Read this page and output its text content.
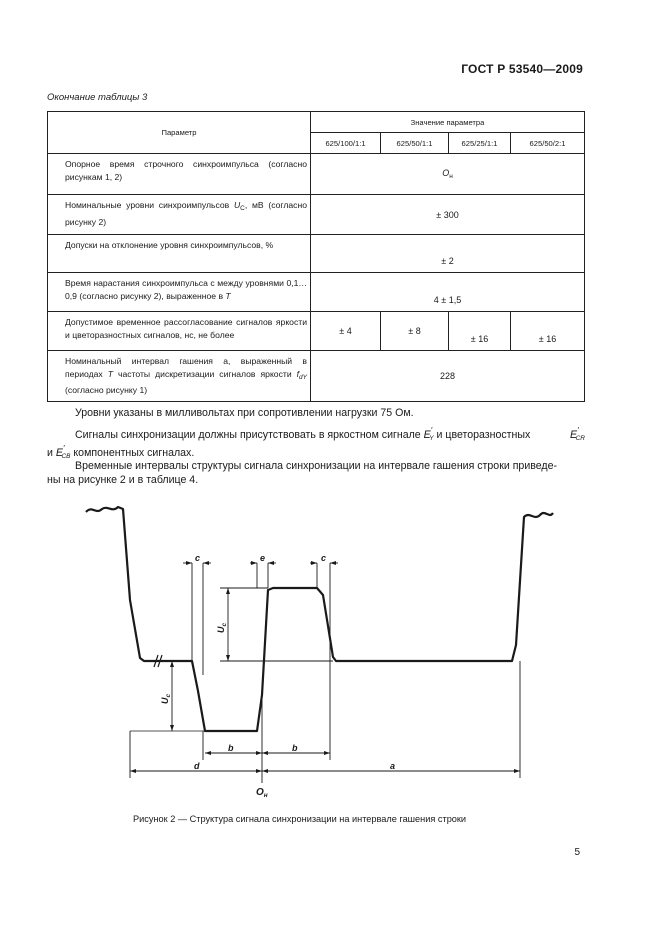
ГОСТ Р 53540—2009
Окончание таблицы 3
Параметр	Значение параметра			
	625/100/1:1	625/50/1:1	625/25/1:1	625/50/2:1
Опорное время строчного синхроимпульса (согласно рисункам 1, 2)	$О_н$
Номинальные уровни синхроимпульсов $U_C$, мВ (согласно рисунку 2)	± 300			
Допуски на отклонение уровня синхроимпульсов, %	± 2			
Время нарастания синхроимпульса с между уровнями 0,1…0,9 (согласно рисунку 2), выраженное в T	4 ± 1,5			
Допустимое временное рассогласование сигналов яркости и цветоразностных сигналов, нс, не более	± 4	± 8	± 16	± 16
Номинальный интервал гашения а, выраженный в периодах T частоты дискретизации сигналов яркости $f_{dY}$ (согласно рисунку 1)	228			
Уровни указаны в милливольтах при сопротивлении нагрузки 75 Ом.
Сигналы синхронизации должны присутствовать в яркостном сигнале $E'_Y$ и цветоразностных	$E'_{CR}$
и $E'_{CB}$ компонентных сигналах.
Временные интервалы структуры сигнала синхронизации на интервале гашения строки приведе-
ны на рисунке 2 и в таблице 4.
c	e	c
b	b
d	a
$U_c$
$U_c$
$О_н$
Рисунок 2 — Структура сигнала синхронизации на интервале гашения строки
5
